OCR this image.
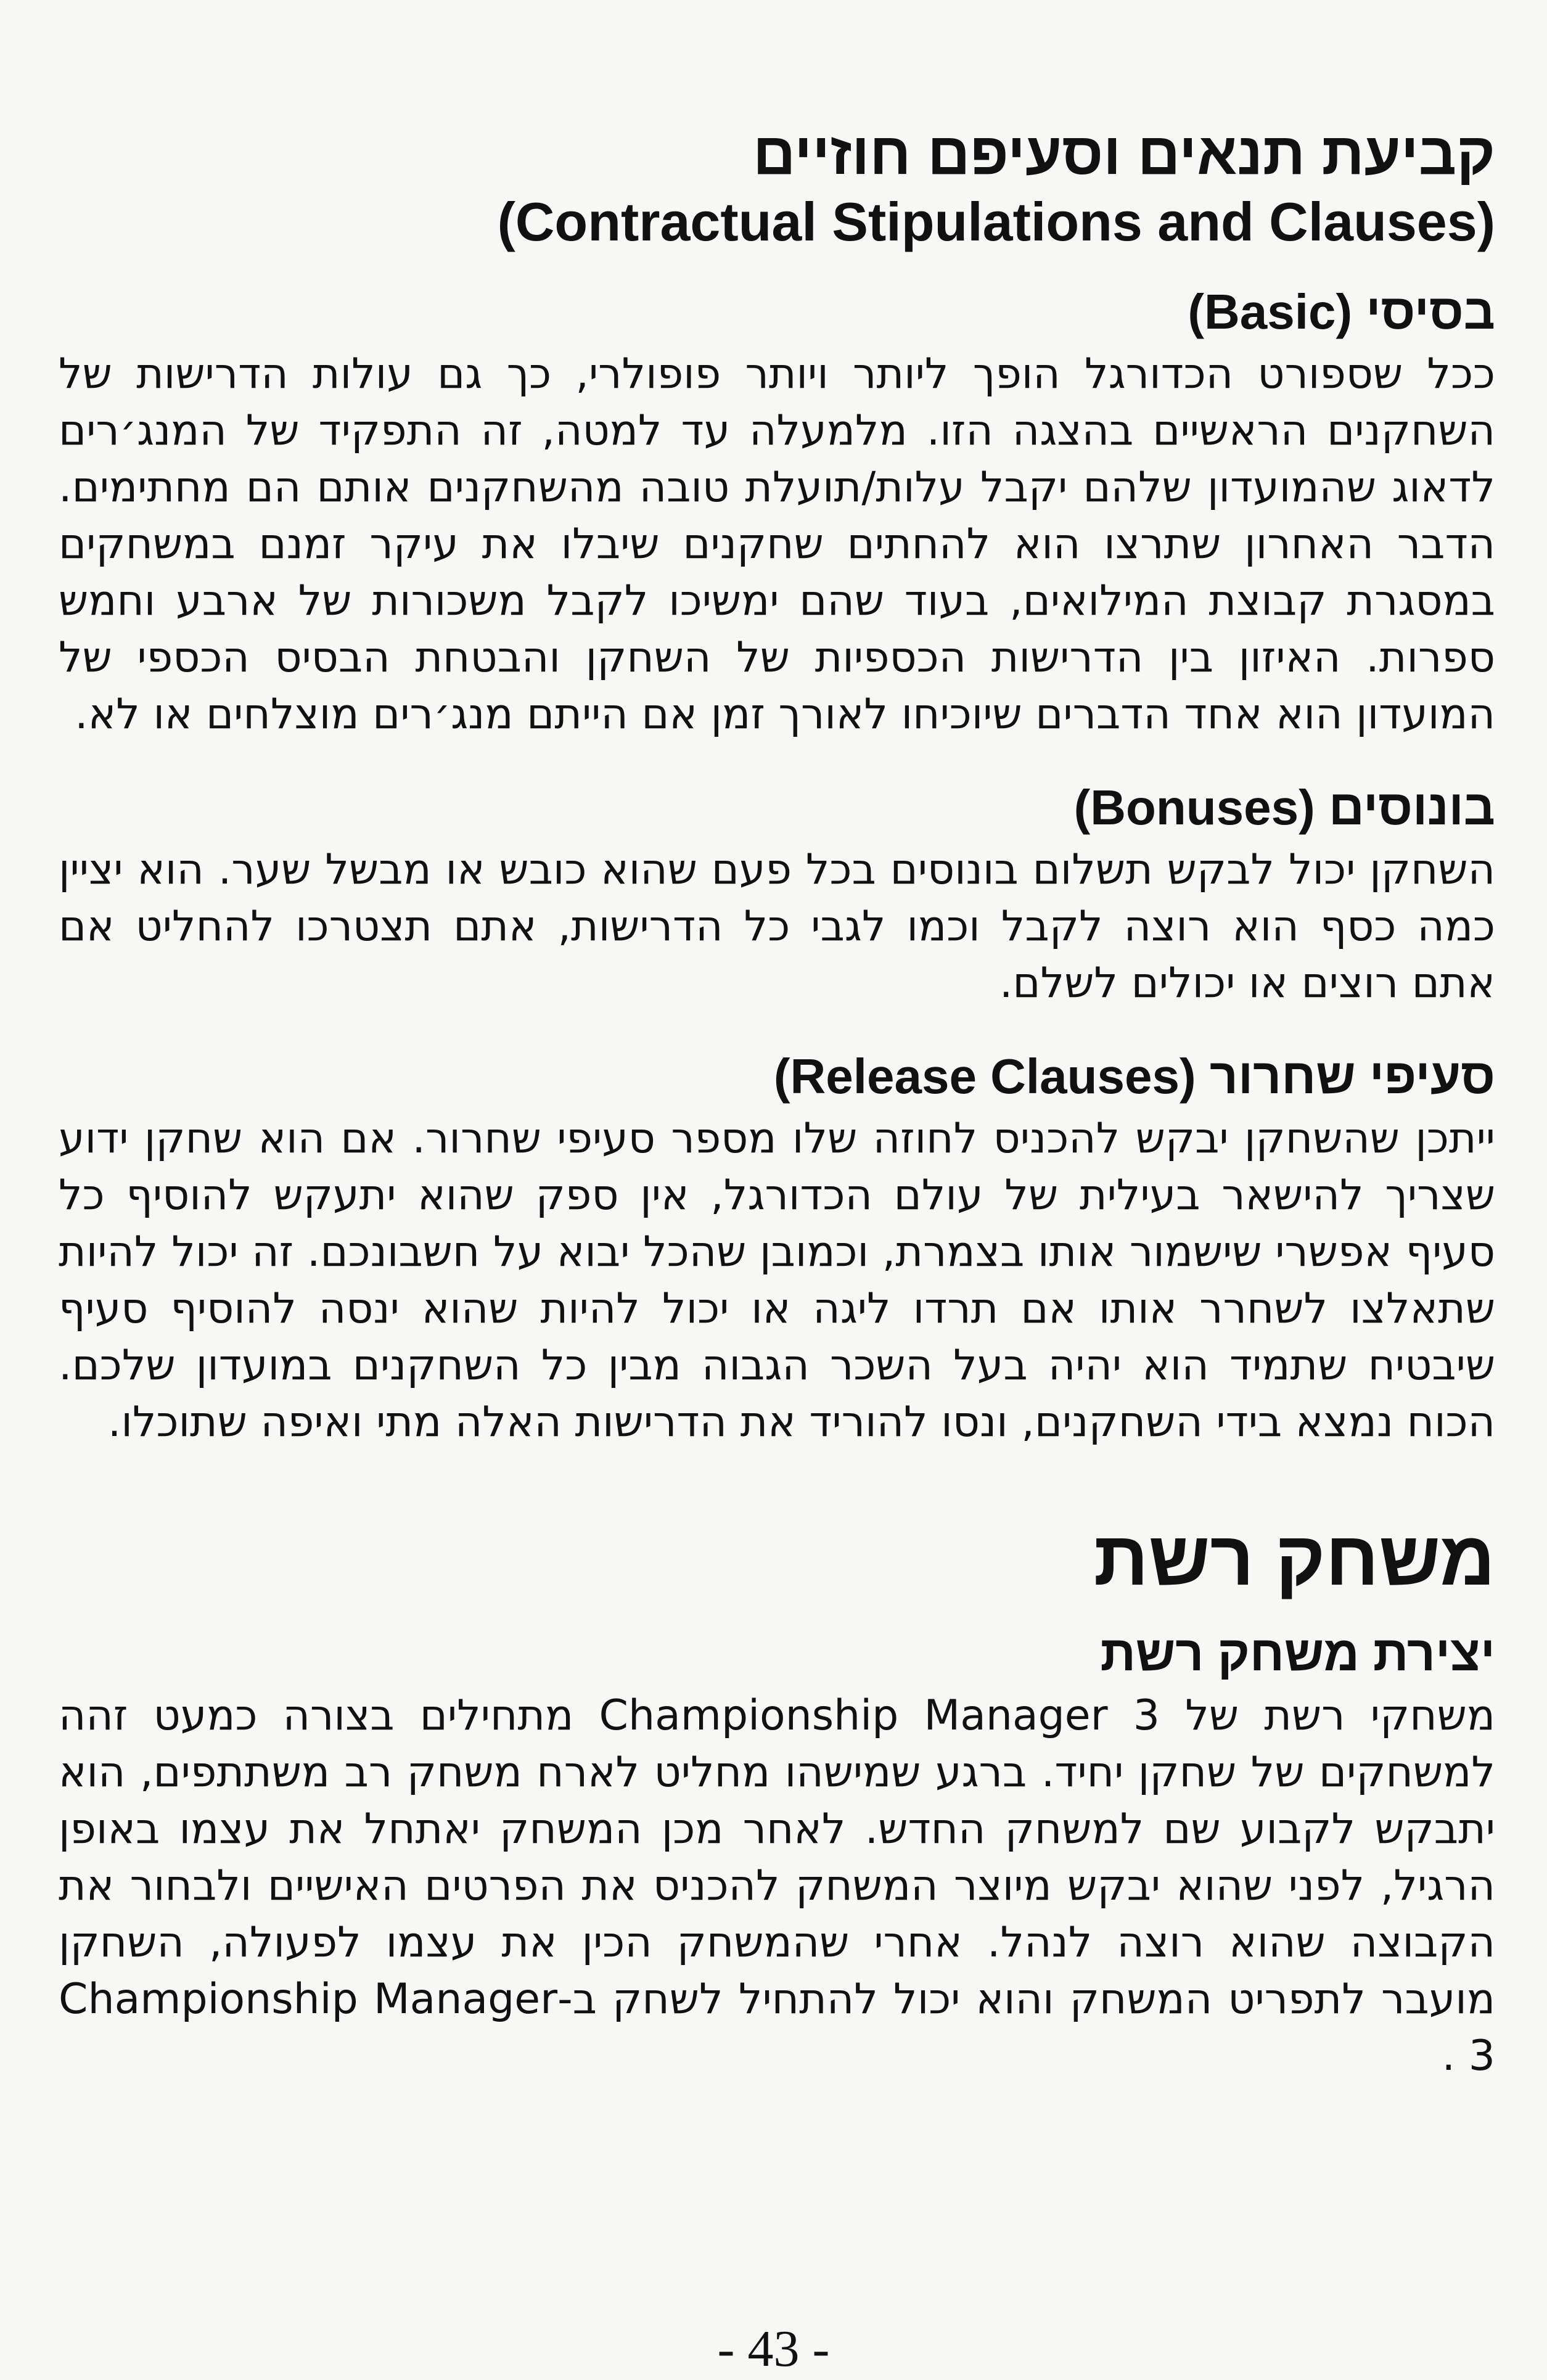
קביעת תנאים וסעיפם חוזיים
(Contractual Stipulations and Clauses)
בסיסי (Basic)

ככל שספורט הכדורגל הופך ליותר ויותר פופולרי, כך גם עולות הדרישות של השחקנים הראשיים בהצגה הזו. מלמעלה עד למטה, זה התפקיד של המנג׳רים לדאוג שהמועדון שלהם יקבל עלות/תועלת טובה מהשחקנים אותם הם מחתימים. הדבר האחרון שתרצו הוא להחתים שחקנים שיבלו את עיקר זמנם במשחקים במסגרת קבוצת המילואים, בעוד שהם ימשיכו לקבל משכורות של ארבע וחמש ספרות. האיזון בין הדרישות הכספיות של השחקן והבטחת הבסיס הכספי של המועדון הוא אחד הדברים שיוכיחו לאורך זמן אם הייתם מנג׳רים מוצלחים או לא.

בונוסים (Bonuses)

השחקן יכול לבקש תשלום בונוסים בכל פעם שהוא כובש או מבשל שער. הוא יציין כמה כסף הוא רוצה לקבל וכמו לגבי כל הדרישות, אתם תצטרכו להחליט אם אתם רוצים או יכולים לשלם.

סעיפי שחרור (Release Clauses)

ייתכן שהשחקן יבקש להכניס לחוזה שלו מספר סעיפי שחרור. אם הוא שחקן ידוע שצריך להישאר בעילית של עולם הכדורגל, אין ספק שהוא יתעקש להוסיף כל סעיף אפשרי שישמור אותו בצמרת, וכמובן שהכל יבוא על חשבונכם. זה יכול להיות שתאלצו לשחרר אותו אם תרדו ליגה או יכול להיות שהוא ינסה להוסיף סעיף שיבטיח שתמיד הוא יהיה בעל השכר הגבוה מבין כל השחקנים במועדון שלכם. הכוח נמצא בידי השחקנים, ונסו להוריד את הדרישות האלה מתי ואיפה שתוכלו.

משחק רשת
יצירת משחק רשת

משחקי רשת של Championship Manager 3 מתחילים בצורה כמעט זהה למשחקים של שחקן יחיד. ברגע שמישהו מחליט לארח משחק רב משתתפים, הוא יתבקש לקבוע שם למשחק החדש. לאחר מכן המשחק יאתחל את עצמו באופן הרגיל, לפני שהוא יבקש מיוצר המשחק להכניס את הפרטים האישיים ולבחור את הקבוצה שהוא רוצה לנהל. אחרי שהמשחק הכין את עצמו לפעולה, השחקן מועבר לתפריט המשחק והוא יכול להתחיל לשחק ב-Championship Manager 3 .

- 43 -
